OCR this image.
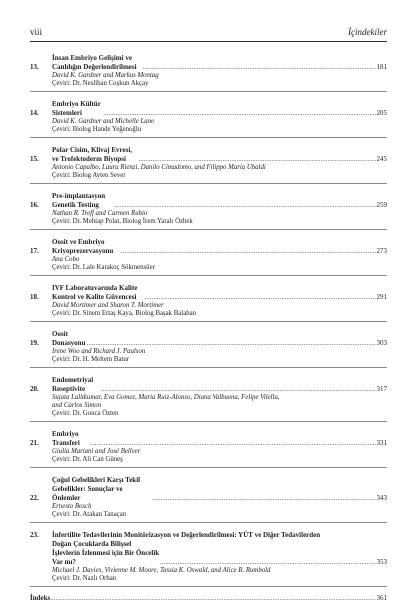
viii	İçindekiler
13.
İnsan Embriyo Gelişimi ve Canlılığın Değerlendirilmesi .....	181
David K. Gardner and Markus Montag
Çeviri: Dr. Neslihan Coşkun Akçay
14.
Embriyo Kültür Sistemleri .....	205
David K. Gardner and Michelle Lane
Çeviri: Biolog Hande Yeğenoğlu
15.
Polar Cisim, Klivaj Evresi, ve Trofektoderm Biyopsi .....	245
Antonio Capalbo, Laura Rienzi, Danilo Cimadomo, and Filippo Maria Ubaldi
Çeviri: Biolog Ayten Sever
16.
Pre-implantasyon Genetik Testing .....	259
Nathan R. Treff and Carmen Rubio
Çeviri: Dr. Mehtap Polat, Biolog İrem Yaralı Özbek
17.
Oosit ve Embriyo Kriyoprezervasyonu .....	273
Ana Cobo
Çeviri: Dr. Lale Karakoç Sökmensüer
18.
IVF Laboratuvarında Kalite Kontrol ve Kalite Güvencesi .....	291
David Mortimer and Sharon T. Mortimer
Çeviri: Dr. Sinem Ertaş Kaya, Biolog Başak Balaban
19.
Oosit Donasyonu .....	303
Irene Woo and Richard J. Paulson
Çeviri: Dr. H. Meltem Batur
20.
Endometriyal Reseptivite .....	317
Sujata Lalitkumar, Eva Gomez, Maria Ruiz-Alonso, Diana Valbuena, Felipe Vilella,
and Carlos Simon
Çeviri: Dr. Gonca Özten
21.
Embriyo Transferi .....	331
Giulia Mariani and José Bellver
Çeviri: Dr. Ali Can Güneş
22.
Çoğul Gebelikleri Karşı Tekil Gebelikler: Sonuçlar ve Önlemler .....	343
Ernesto Bosch
Çeviri: Dr. Atakan Tanaçan
23.	İnfertilite Tedavilerinin Monitörizasyon ve Değerlendirilmesi: YÜT ve Diğer Tedavilerden
Doğan Çocuklarda Bilişsel İşlevlerin İzlenmesi için Bir Öncelik Var mı? .....	353
Michael J. Davies, Vivienne M. Moore, Tassia K. Oswald, and Alice R. Rumbold
Çeviri: Dr. Nazlı Orhan
İndeks .....	361
